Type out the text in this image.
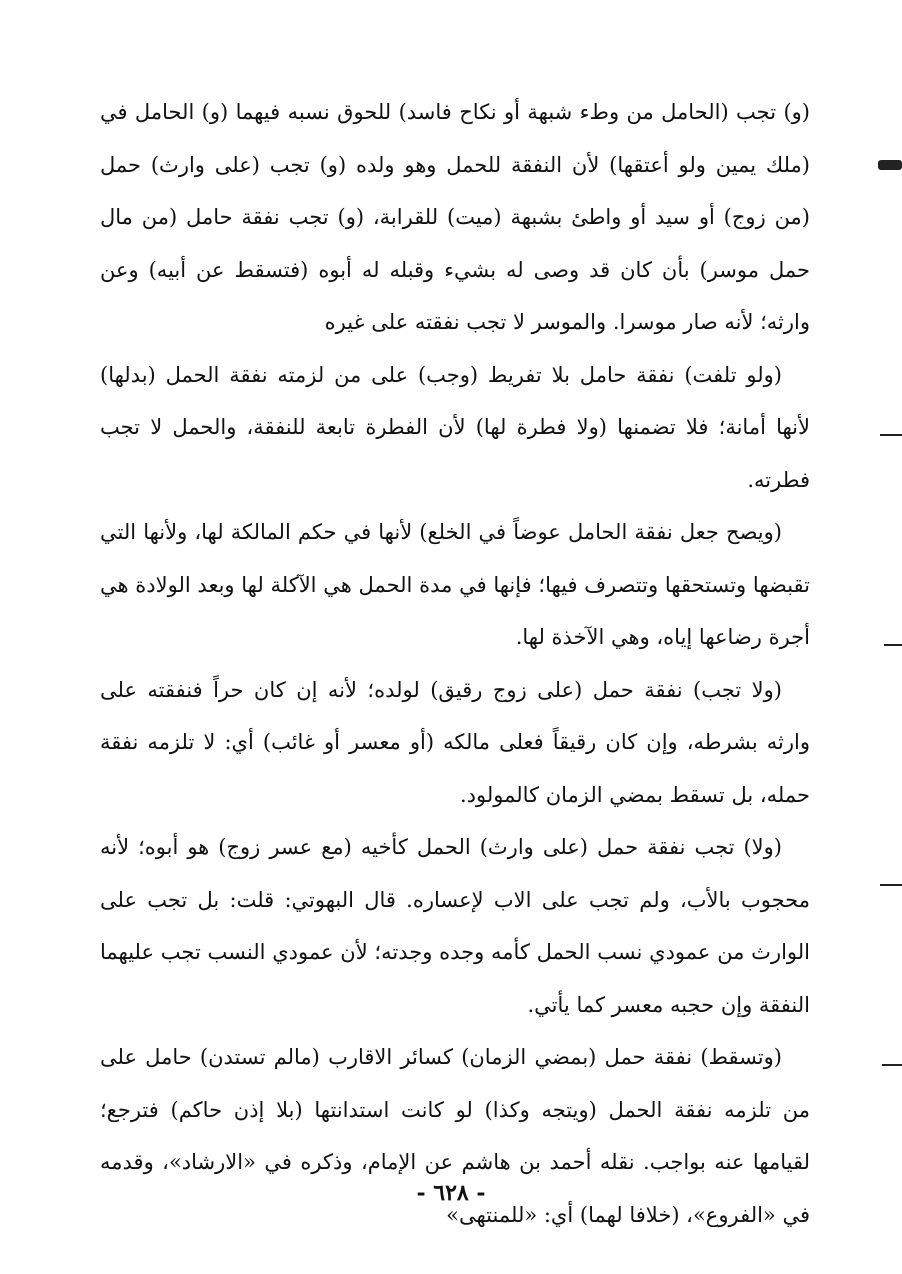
(و) تجب (الحامل من وطء شبهة أو نكاح فاسد) للحوق نسبه فيهما (و) الحامل في (ملك يمين ولو أعتقها) لأن النفقة للحمل وهو ولده (و) تجب (على وارث) حمل (من زوج) أو سيد أو واطئ بشبهة (ميت) للقرابة، (و) تجب نفقة حامل (من مال حمل موسر) بأن كان قد وصى له بشيء وقبله له أبوه (فتسقط عن أبيه) وعن وارثه؛ لأنه صار موسرا. والموسر لا تجب نفقته على غيره

(ولو تلفت) نفقة حامل بلا تفريط (وجب) على من لزمته نفقة الحمل (بدلها) لأنها أمانة؛ فلا تضمنها (ولا فطرة لها) لأن الفطرة تابعة للنفقة، والحمل لا تجب فطرته.

(ويصح جعل نفقة الحامل عوضاً في الخلع) لأنها في حكم المالكة لها، ولأنها التي تقبضها وتستحقها وتتصرف فيها؛ فإنها في مدة الحمل هي الآكلة لها وبعد الولادة هي أجرة رضاعها إياه، وهي الآخذة لها.

(ولا تجب) نفقة حمل (على زوج رقيق) لولده؛ لأنه إن كان حراً فنفقته على وارثه بشرطه، وإن كان رقيقاً فعلى مالكه (أو معسر أو غائب) أي: لا تلزمه نفقة حمله، بل تسقط بمضي الزمان كالمولود.

(ولا) تجب نفقة حمل (على وارث) الحمل كأخيه (مع عسر زوج) هو أبوه؛ لأنه محجوب بالأب، ولم تجب على الاب لإعساره. قال البهوتي: قلت: بل تجب على الوارث من عمودي نسب الحمل كأمه وجده وجدته؛ لأن عمودي النسب تجب عليهما النفقة وإن حجبه معسر كما يأتي.

(وتسقط) نفقة حمل (بمضي الزمان) كسائر الاقارب (مالم تستدن) حامل على من تلزمه نفقة الحمل (ويتجه وكذا) لو كانت استدانتها (بلا إذن حاكم) فترجع؛ لقيامها عنه بواجب. نقله أحمد بن هاشم عن الإمام، وذكره في «الارشاد»، وقدمه في «الفروع»، (خلافا لهما) أي: «للمنتهى»

- ٦٢٨ -
